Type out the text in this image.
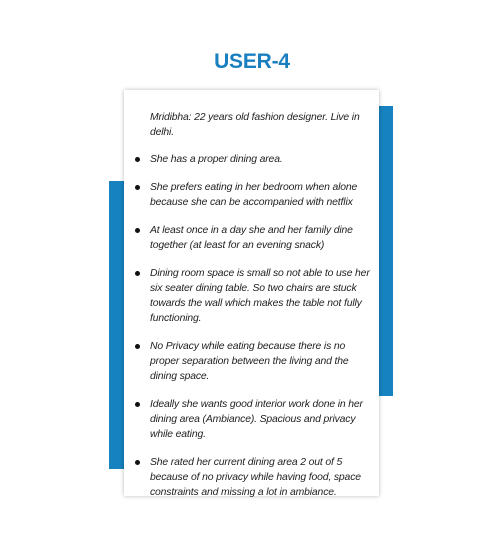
USER-4
Mridibha: 22 years old fashion designer. Live in delhi.
She has a proper dining area.
She prefers eating in her bedroom when alone because she can be accompanied with netflix
At least once in a day she and her family dine together (at least for an evening snack)
Dining room space is small so not able to use her six seater dining table. So two chairs are stuck towards the wall which makes the table not fully functioning.
No Privacy while eating because there is no proper separation between the living and the dining space.
Ideally she wants good interior work done in her dining area (Ambiance). Spacious and privacy while eating.
She rated her current dining area 2 out of 5 because of no privacy while having food, space constraints and missing a lot in ambiance.
